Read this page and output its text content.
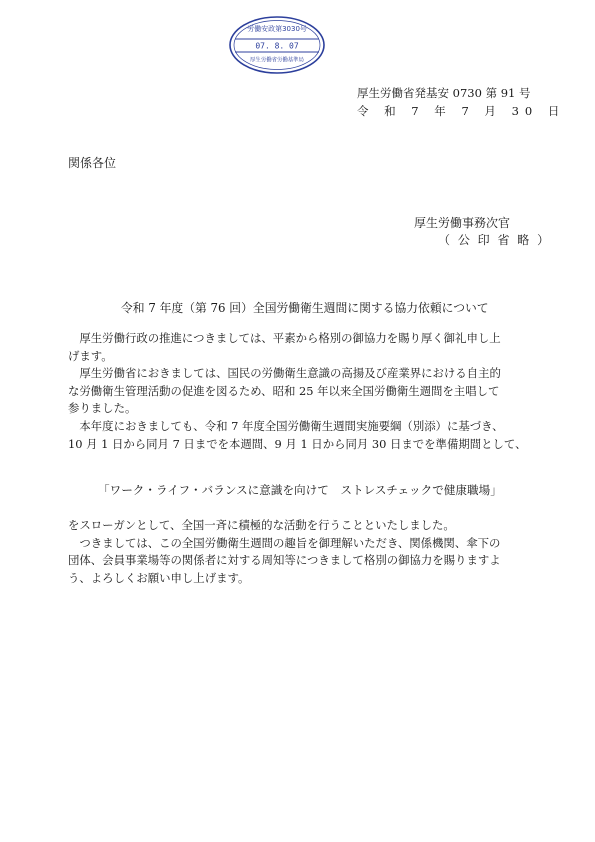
労働安政第3030号
07. 8. 07
厚生労働省労働基準局
厚生労働省発基安 0730 第 91 号
令 和 7 年 7 月 30 日
関係各位
厚生労働事務次官
（ 公 印 省 略 ）
令和 7 年度（第 76 回）全国労働衛生週間に関する協力依頼について

厚生労働行政の推進につきましては、平素から格別の御協力を賜り厚く御礼申し上

げます。

厚生労働省におきましては、国民の労働衛生意識の高揚及び産業界における自主的

な労働衛生管理活動の促進を図るため、昭和 25 年以来全国労働衛生週間を主唱して

参りました。

本年度におきましても、令和 7 年度全国労働衛生週間実施要綱（別添）に基づき、

10 月 1 日から同月 7 日までを本週間、9 月 1 日から同月 30 日までを準備期間として、

「ワーク・ライフ・バランスに意識を向けて　ストレスチェックで健康職場」

をスローガンとして、全国一斉に積極的な活動を行うことといたしました。

つきましては、この全国労働衛生週間の趣旨を御理解いただき、関係機関、傘下の

団体、会員事業場等の関係者に対する周知等につきまして格別の御協力を賜りますよ

う、よろしくお願い申し上げます。
